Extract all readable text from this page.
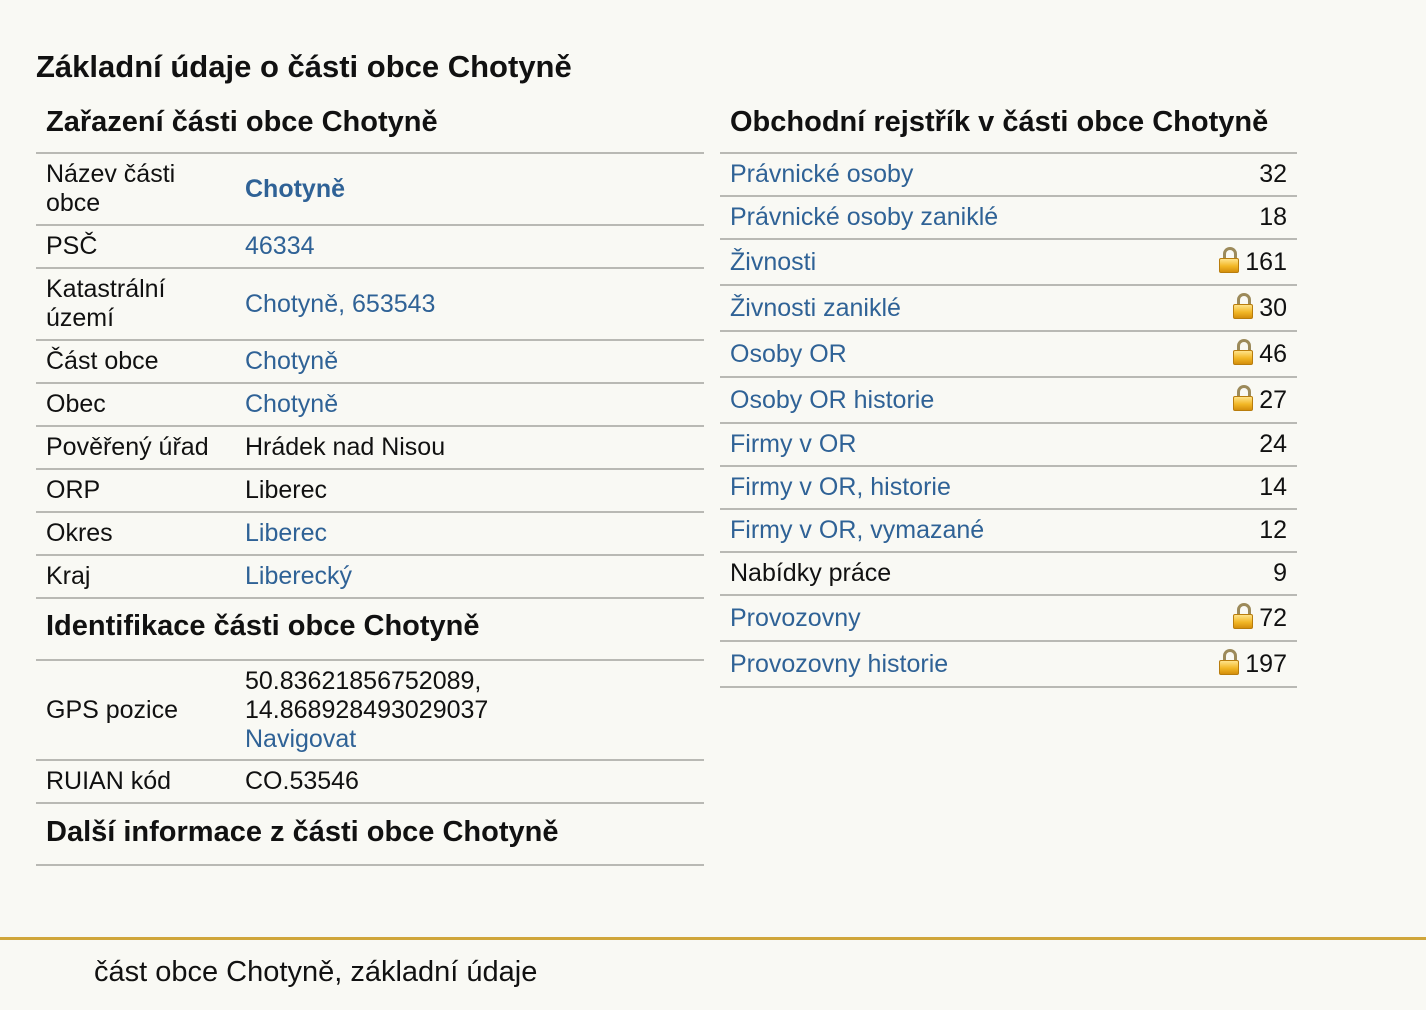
Základní údaje o části obce Chotyně
Zařazení části obce Chotyně
Název části obce	Chotyně
PSČ	46334
Katastrální území	Chotyně, 653543
Část obce	Chotyně
Obec	Chotyně
Pověřený úřad	Hrádek nad Nisou
ORP	Liberec
Okres	Liberec
Kraj	Liberecký
Identifikace části obce Chotyně
GPS pozice	50.83621856752089,
14.868928493029037
Navigovat
RUIAN kód	CO.53546
Další informace z části obce Chotyně
Obchodní rejstřík v části obce Chotyně
Právnické osoby	32
Právnické osoby zaniklé	18
Živnosti	161
Živnosti zaniklé	30
Osoby OR	46
Osoby OR historie	27
Firmy v OR	24
Firmy v OR, historie	14
Firmy v OR, vymazané	12
Nabídky práce	9
Provozovny	72
Provozovny historie	197
část obce Chotyně, základní údaje
